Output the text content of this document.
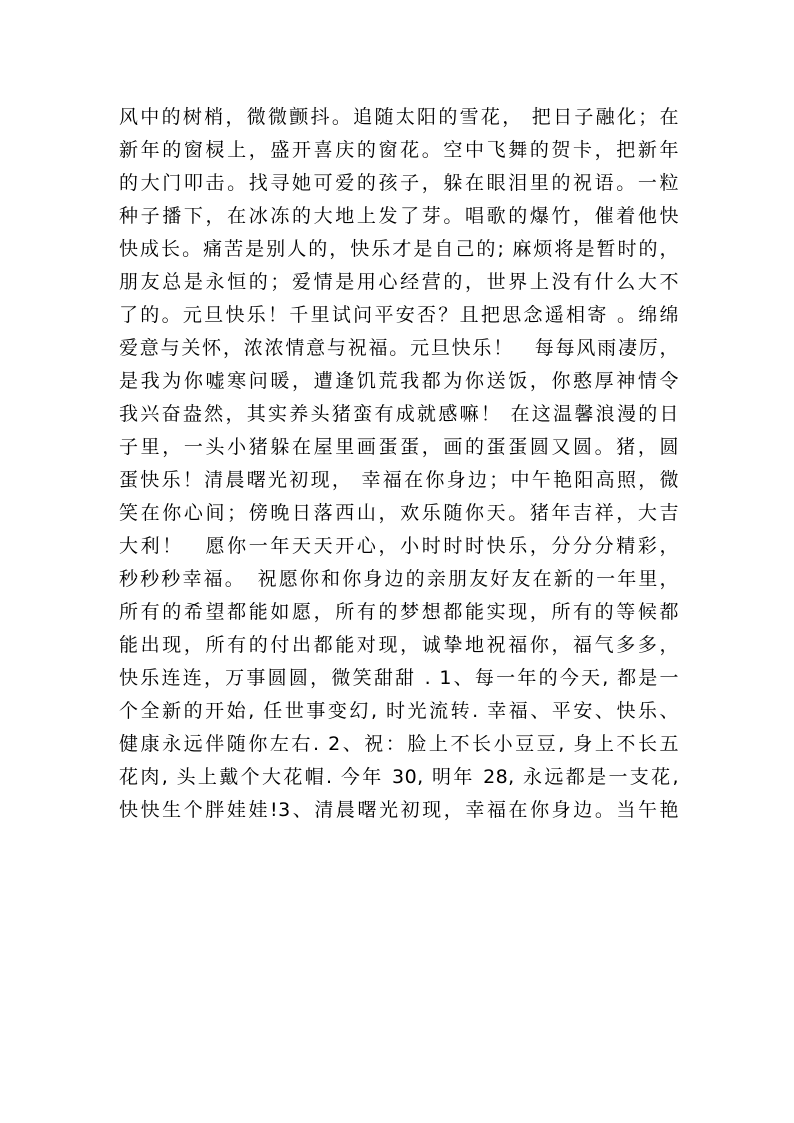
风中的树梢，微微颤抖。追随太阳的雪花， 把日子融化；在
新年的窗棂上，盛开喜庆的窗花。空中飞舞的贺卡，把新年
的大门叩击。找寻她可爱的孩子，躲在眼泪里的祝语。一粒
种子播下，在冰冻的大地上发了芽。唱歌的爆竹，催着他快
快成长。痛苦是别人的，快乐才是自己的; 麻烦将是暂时的，
朋友总是永恒的；爱情是用心经营的，世界上没有什么大不
了的。元旦快乐！千里试问平安否？且把思念遥相寄 。绵绵
爱意与关怀，浓浓情意与祝福。元旦快乐！　每每风雨凄厉，
是我为你嘘寒问暖，遭逢饥荒我都为你送饭，你憨厚神情令
我兴奋盎然，其实养头猪蛮有成就感嘛！ 在这温馨浪漫的日
子里，一头小猪躲在屋里画蛋蛋，画的蛋蛋圆又圆。猪，圆
蛋快乐！清晨曙光初现， 幸福在你身边；中午艳阳高照，微
笑在你心间；傍晚日落西山，欢乐随你天。猪年吉祥，大吉
大利！　愿你一年天天开心，小时时时快乐，分分分精彩，
秒秒秒幸福。　祝愿你和你身边的亲朋友好友在新的一年里，
所有的希望都能如愿，所有的梦想都能实现，所有的等候都
能出现，所有的付出都能对现，诚挚地祝福你，福气多多，
快乐连连，万事圆圆，微笑甜甜 . 1、每一年的今天, 都是一
个全新的开始, 任世事变幻, 时光流转. 幸福、平安、快乐、
健康永远伴随你左右. 2、祝：脸上不长小豆豆, 身上不长五
花肉, 头上戴个大花帽. 今年 30, 明年 28, 永远都是一支花,
快快生个胖娃娃!3、清晨曙光初现，幸福在你身边。当午艳
